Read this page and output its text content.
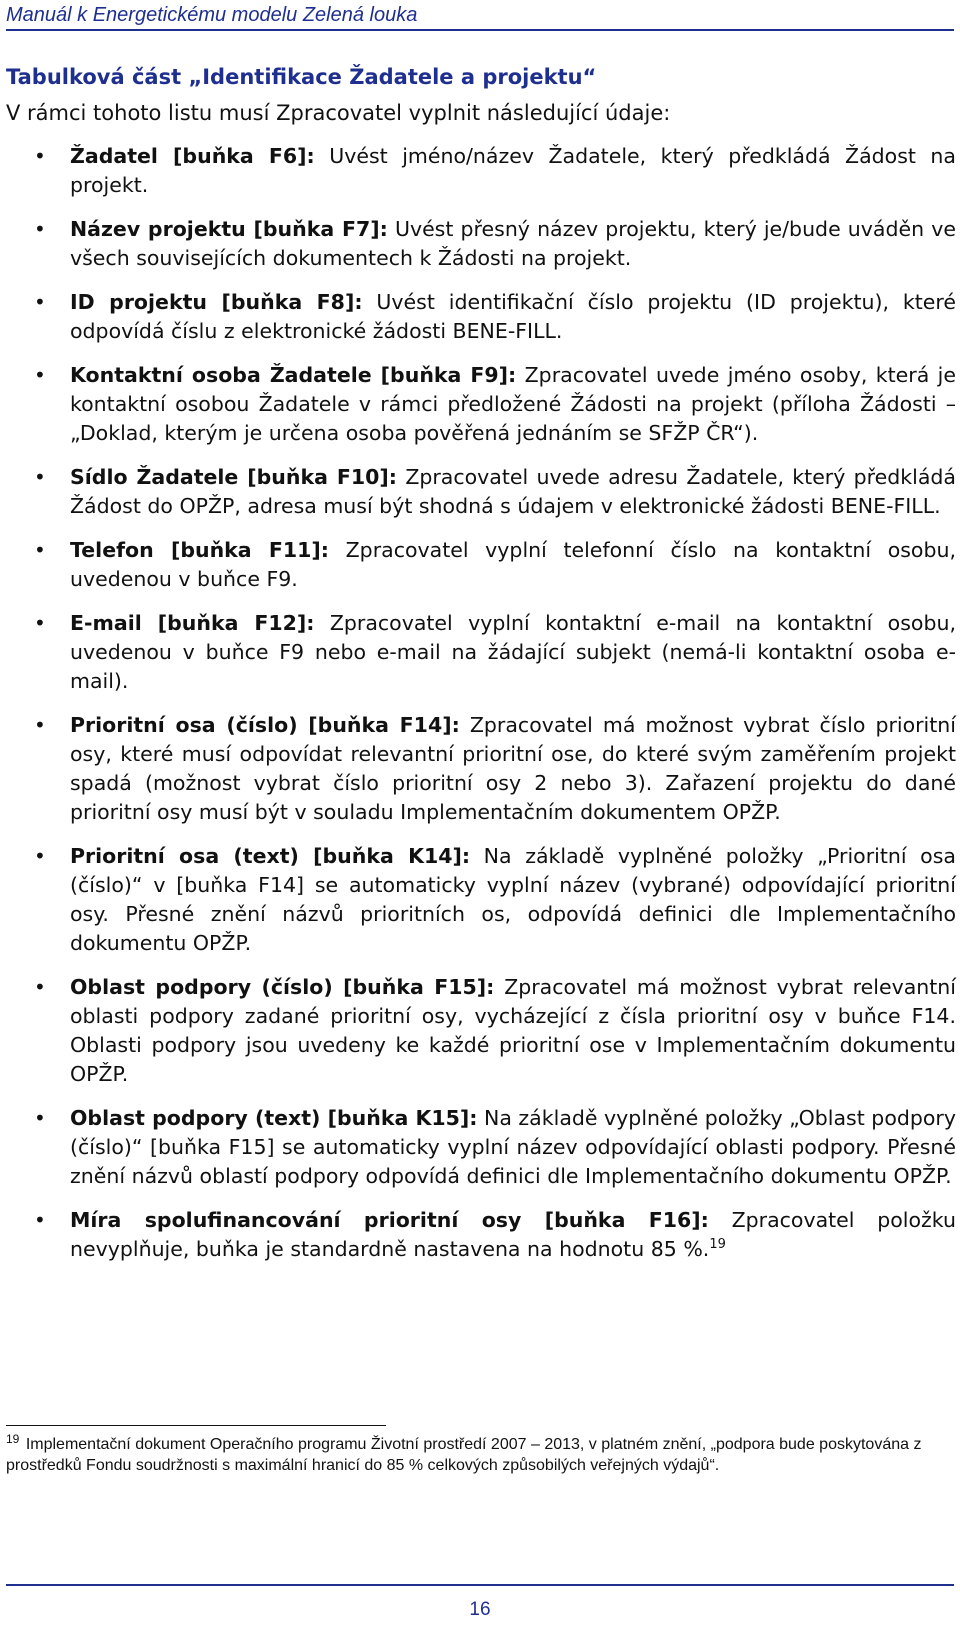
Manuál k Energetickému modelu Zelená louka
Tabulková část „Identifikace Žadatele a projektu“

V rámci tohoto listu musí Zpracovatel vyplnit následující údaje:

• Žadatel [buňka F6]: Uvést jméno/název Žadatele, který předkládá Žádost na projekt.
• Název projektu [buňka F7]: Uvést přesný název projektu, který je/bude uváděn ve všech souvisejících dokumentech k Žádosti na projekt.
• ID projektu [buňka F8]: Uvést identifikační číslo projektu (ID projektu), které odpovídá číslu z elektronické žádosti BENE-FILL.
• Kontaktní osoba Žadatele [buňka F9]: Zpracovatel uvede jméno osoby, která je kontaktní osobou Žadatele v rámci předložené Žádosti na projekt (příloha Žádosti – „Doklad, kterým je určena osoba pověřená jednáním se SFŽP ČR“).
• Sídlo Žadatele [buňka F10]: Zpracovatel uvede adresu Žadatele, který předkládá Žádost do OPŽP, adresa musí být shodná s údajem v elektronické žádosti BENE-FILL.
• Telefon [buňka F11]: Zpracovatel vyplní telefonní číslo na kontaktní osobu, uvedenou v buňce F9.
• E-mail [buňka F12]: Zpracovatel vyplní kontaktní e-mail na kontaktní osobu, uvedenou v buňce F9 nebo e-mail na žádající subjekt (nemá-li kontaktní osoba e-mail).
• Prioritní osa (číslo) [buňka F14]: Zpracovatel má možnost vybrat číslo prioritní osy, které musí odpovídat relevantní prioritní ose, do které svým zaměřením projekt spadá (možnost vybrat číslo prioritní osy 2 nebo 3). Zařazení projektu do dané prioritní osy musí být v souladu Implementačním dokumentem OPŽP.
• Prioritní osa (text) [buňka K14]: Na základě vyplněné položky „Prioritní osa (číslo)“ v [buňka F14] se automaticky vyplní název (vybrané) odpovídající prioritní osy. Přesné znění názvů prioritních os, odpovídá definici dle Implementačního dokumentu OPŽP.
• Oblast podpory (číslo) [buňka F15]: Zpracovatel má možnost vybrat relevantní oblasti podpory zadané prioritní osy, vycházející z čísla prioritní osy v buňce F14. Oblasti podpory jsou uvedeny ke každé prioritní ose v Implementačním dokumentu OPŽP.
• Oblast podpory (text) [buňka K15]: Na základě vyplněné položky „Oblast podpory (číslo)“ [buňka F15] se automaticky vyplní název odpovídající oblasti podpory. Přesné znění názvů oblastí podpory odpovídá definici dle Implementačního dokumentu OPŽP.
• Míra spolufinancování prioritní osy [buňka F16]: Zpracovatel položku nevyplňuje, buňka je standardně nastavena na hodnotu 85 %.$^{19}$
$^{19}$ Implementační dokument Operačního programu Životní prostředí 2007 – 2013, v platném znění, „podpora bude poskytována z prostředků Fondu soudržnosti s maximální hranicí do 85 % celkových způsobilých veřejných výdajů“.
16
